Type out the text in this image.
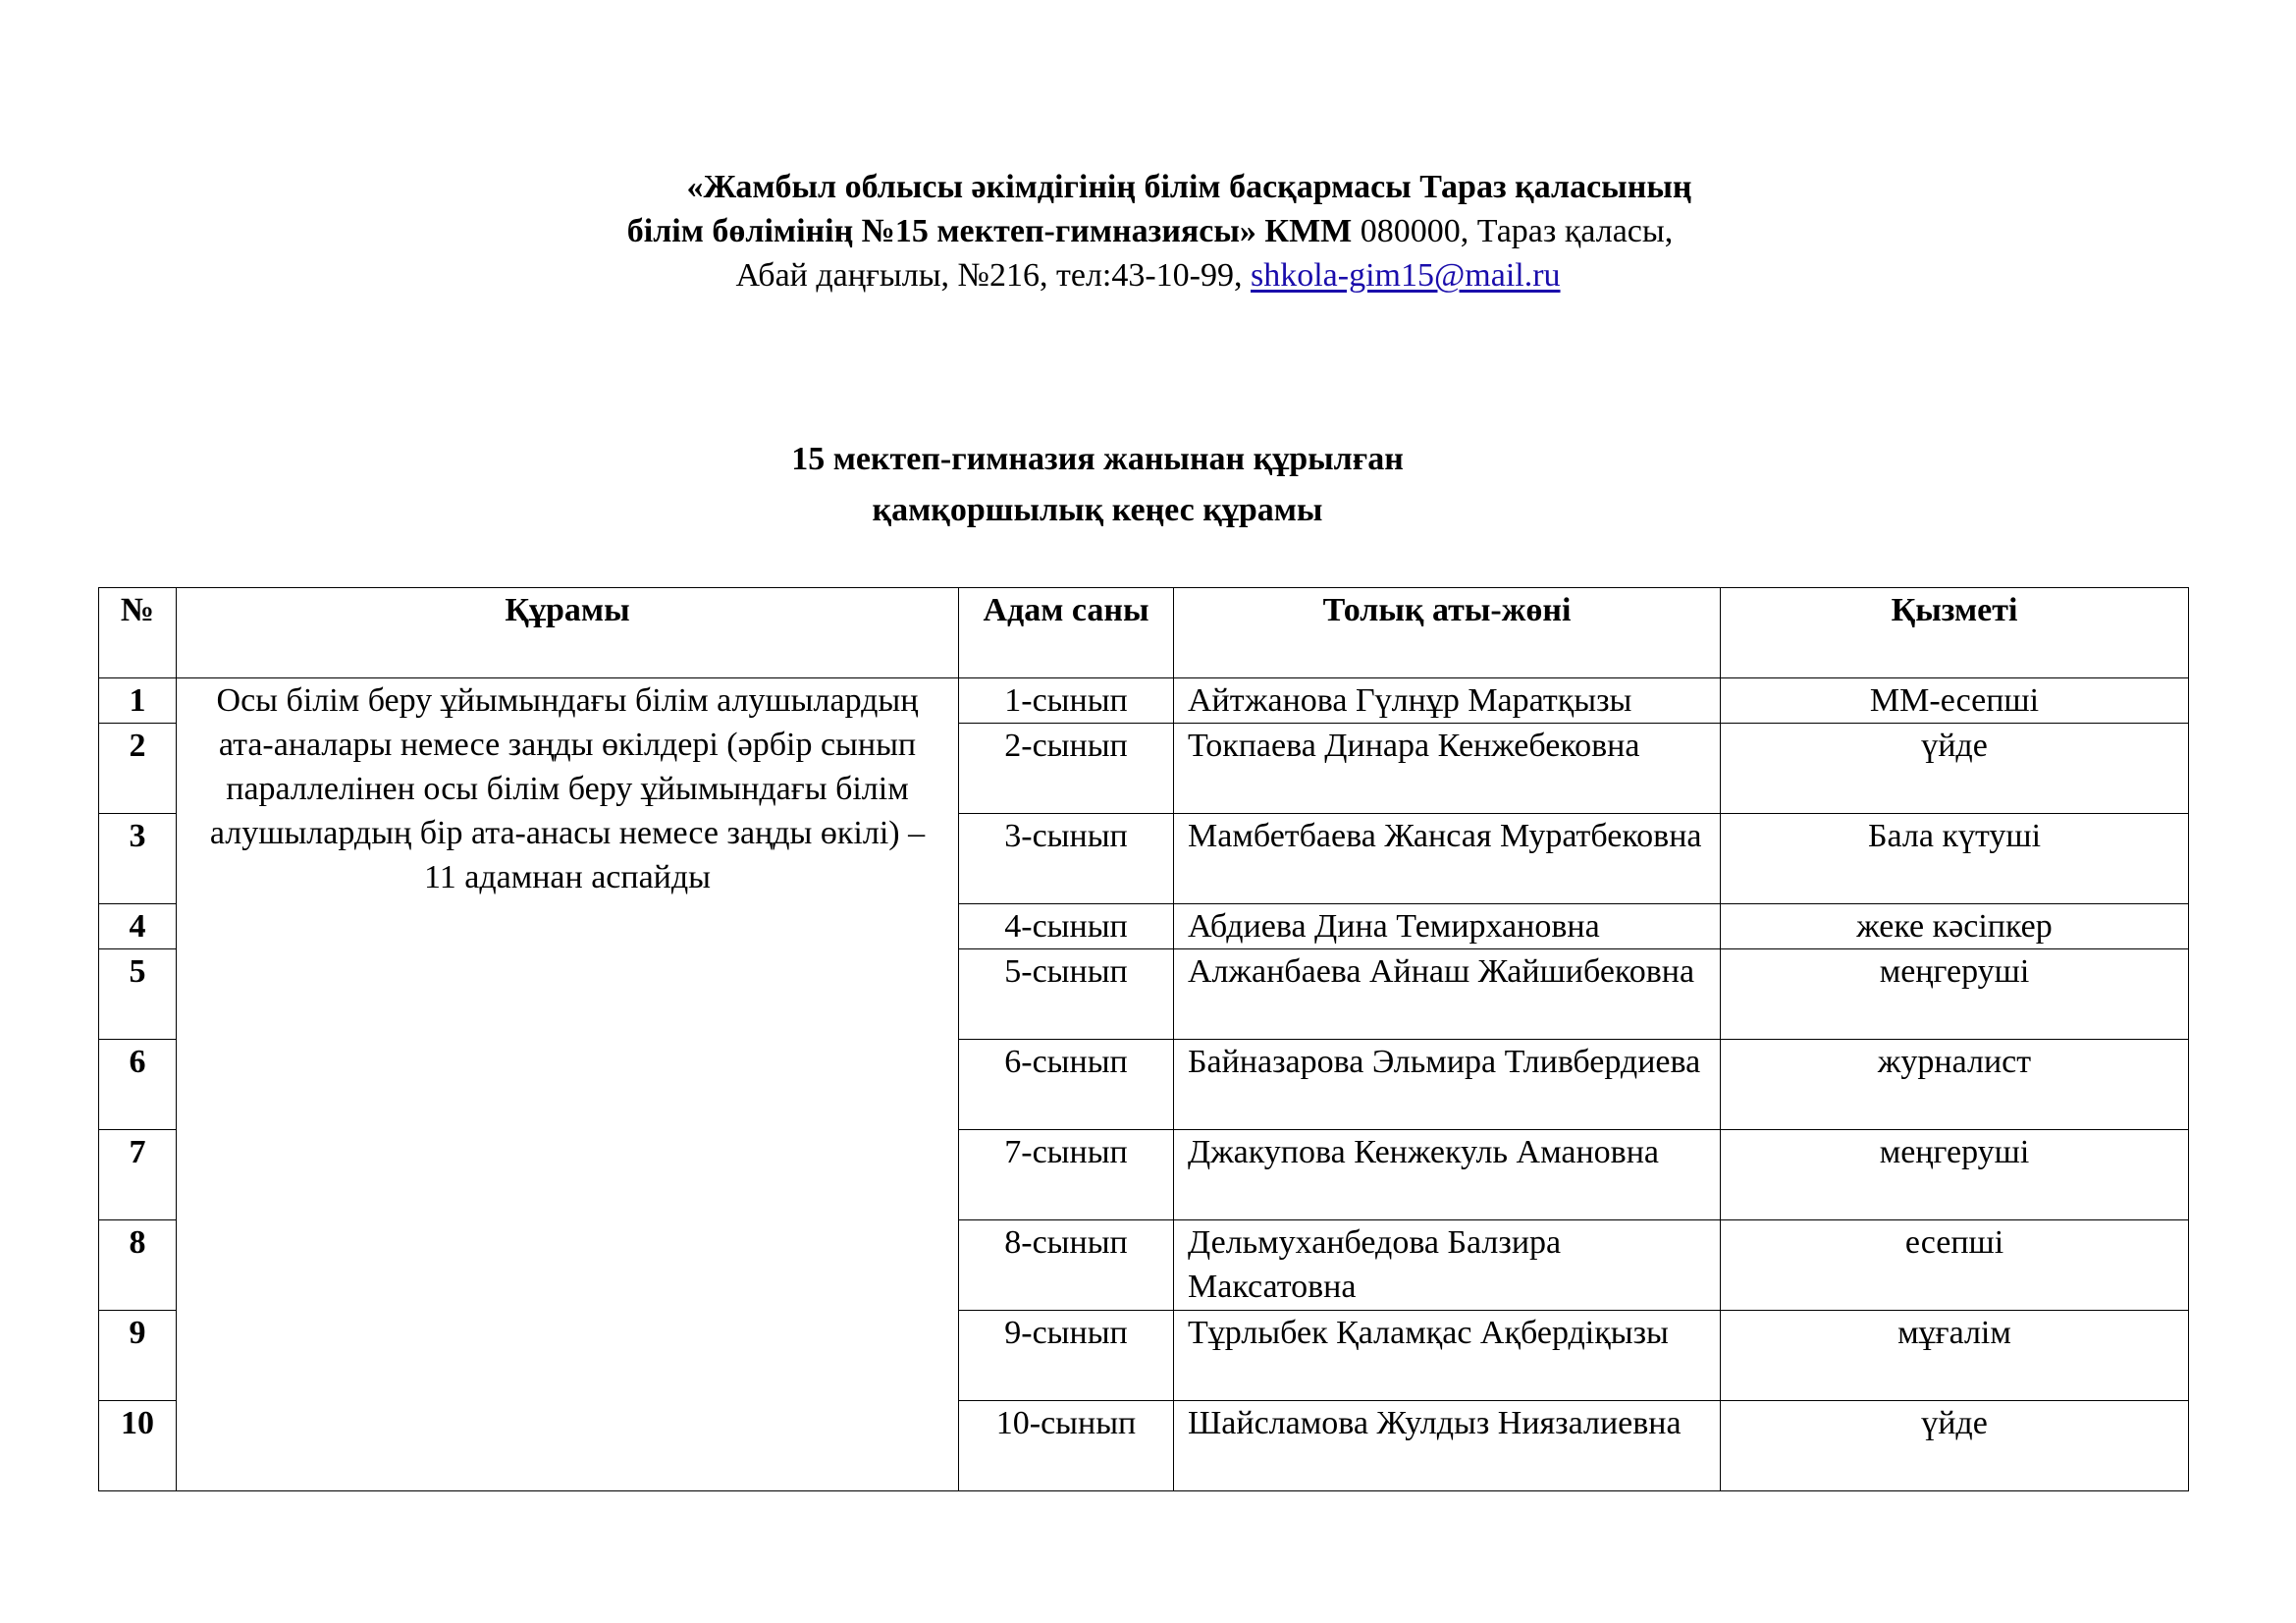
«Жамбыл облысы әкімдігінің білім басқармасы Тараз қаласының
білім бөлімінің №15 мектеп-гимназиясы» КММ 080000, Тараз қаласы,
Абай даңғылы, №216, тел:43-10-99, shkola-gim15@mail.ru
15 мектеп-гимназия жанынан құрылған
қамқоршылық кеңес құрамы
№	Құрамы	Адам саны	Толық аты-жөні	Қызметі
1	Осы білім беру ұйымындағы білім алушылардың ата-аналары немесе заңды өкілдері (әрбір сынып параллелінен осы білім беру ұйымындағы білім алушылардың бір ата-анасы немесе заңды өкілі) – 11 адамнан аспайды	1-сынып	Айтжанова Гүлнұр Маратқызы	ММ-есепші
2		2-сынып	Токпаева Динара Кенжебековна	үйде
3		3-сынып	Мамбетбаева Жансая Муратбековна	Бала күтуші
4		4-сынып	Абдиева Дина Темирхановна	жеке кәсіпкер
5		5-сынып	Алжанбаева Айнаш Жайшибековна	меңгеруші
6		6-сынып	Байназарова Эльмира Тливбердиева	журналист
7		7-сынып	Джакупова Кенжекуль Амановна	меңгеруші
8		8-сынып	Дельмуханбедова Балзира Максатовна	есепші
9		9-сынып	Тұрлыбек Қаламқас Ақбердіқызы	мұғалім
10		10-сынып	Шайсламова Жулдыз Ниязалиевна	үйде
